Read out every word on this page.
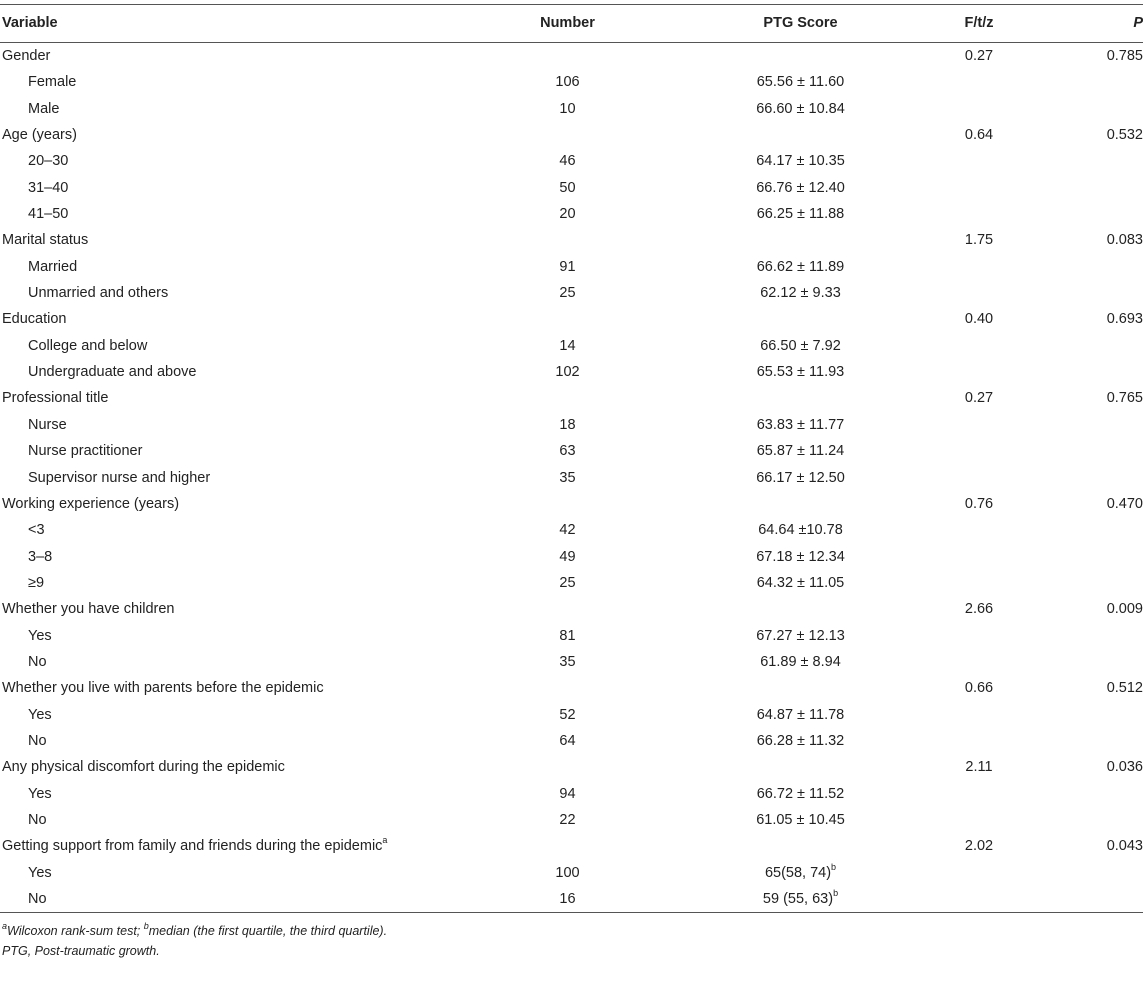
Variable	Number	PTG Score	F/t/z	P
Gender			0.27	0.785
Female	106	65.56 ± 11.60		
Male	10	66.60 ± 10.84		
Age (years)			0.64	0.532
20–30	46	64.17 ± 10.35		
31–40	50	66.76 ± 12.40		
41–50	20	66.25 ± 11.88		
Marital status			1.75	0.083
Married	91	66.62 ± 11.89		
Unmarried and others	25	62.12 ± 9.33		
Education			0.40	0.693
College and below	14	66.50 ± 7.92		
Undergraduate and above	102	65.53 ± 11.93		
Professional title			0.27	0.765
Nurse	18	63.83 ± 11.77		
Nurse practitioner	63	65.87 ± 11.24		
Supervisor nurse and higher	35	66.17 ± 12.50		
Working experience (years)			0.76	0.470
<3	42	64.64 ±10.78		
3–8	49	67.18 ± 12.34		
≥9	25	64.32 ± 11.05		
Whether you have children			2.66	0.009
Yes	81	67.27 ± 12.13		
No	35	61.89 ± 8.94		
Whether you live with parents before the epidemic			0.66	0.512
Yes	52	64.87 ± 11.78		
No	64	66.28 ± 11.32		
Any physical discomfort during the epidemic			2.11	0.036
Yes	94	66.72 ± 11.52		
No	22	61.05 ± 10.45		
Getting support from family and friends during the epidemic$^a$			2.02	0.043
Yes	100	65(58, 74)$^b$		
No	16	59 (55, 63)$^b$		
$^a$Wilcoxon rank-sum test; $^b$median (the first quartile, the third quartile).
PTG, Post-traumatic growth.
